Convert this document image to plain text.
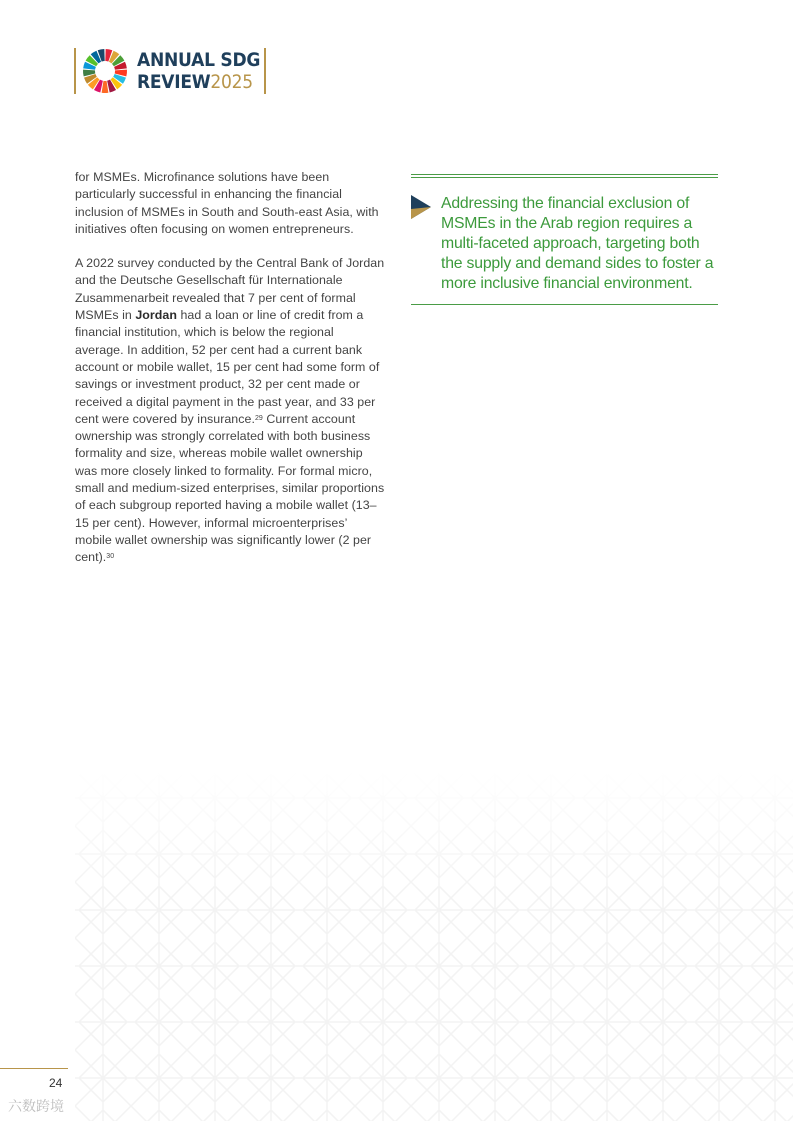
ANNUAL SDG
REVIEW2025

for MSMEs. Microfinance solutions have been particularly successful in enhancing the financial inclusion of MSMEs in South and South-east Asia, with initiatives often focusing on women entrepreneurs.

A 2022 survey conducted by the Central Bank of Jordan and the Deutsche Gesellschaft für Internationale Zusammenarbeit revealed that 7 per cent of formal MSMEs in Jordan had a loan or line of credit from a financial institution, which is below the regional average. In addition, 52 per cent had a current bank account or mobile wallet, 15 per cent had some form of savings or investment product, 32 per cent made or received a digital payment in the past year, and 33 per cent were covered by insurance.$^{29}$ Current account ownership was strongly correlated with both business formality and size, whereas mobile wallet ownership was more closely linked to formality. For formal micro, small and medium-sized enterprises, similar proportions of each subgroup reported having a mobile wallet (13–15 per cent). However, informal microenterprises’ mobile wallet ownership was significantly lower (2 per cent).$^{30}$

Addressing the financial exclusion of MSMEs in the Arab region requires a multi-faceted approach, targeting both the supply and demand sides to foster a more inclusive financial environment.

24
六数跨境
